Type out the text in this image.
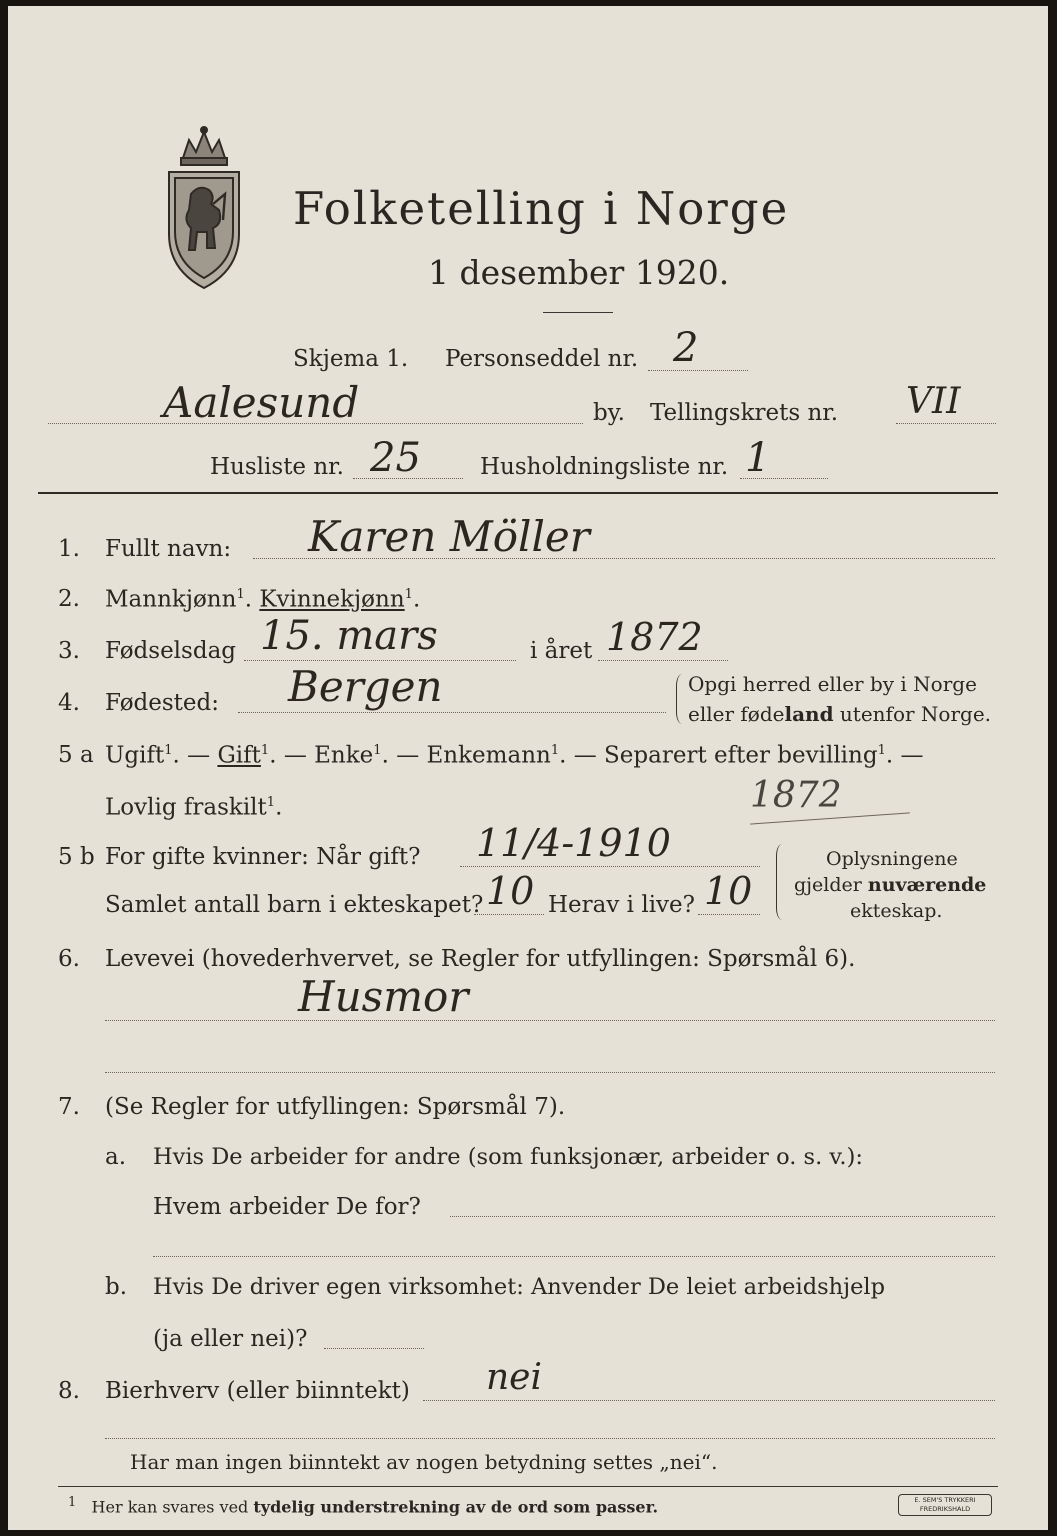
Folketelling i Norge
1 desember 1920.
Skjema 1. Personseddel nr. 2
Aalesund	by. Tellingskrets nr. VII
Husliste nr. 25	Husholdningsliste nr. 1
1. Fullt navn: Karen Möller
2. Mannkjønn$^1$. Kvinnekjønn$^1$.
3. Fødselsdag 15. mars	i året 1872
4. Fødested: Bergen	Opgi herred eller by i Norge
eller fødeland utenfor Norge.
5 a Ugift$^1$. — Gift$^1$. — Enke$^1$. — Enkemann$^1$. — Separert efter bevilling$^1$. —
Lovlig fraskilt$^1$.	1872
5 b For gifte kvinner: Når gift? 11/4-1910
Samlet antall barn i ekteskapet? 10 Herav i live? 10
Oplysningene
gjelder nuværende
ekteskap.
6. Levevei (hovederhvervet, se Regler for utfyllingen: Spørsmål 6).
Husmor
7. (Se Regler for utfyllingen: Spørsmål 7).
a. Hvis De arbeider for andre (som funksjonær, arbeider o. s. v.):
Hvem arbeider De for?
b. Hvis De driver egen virksomhet: Anvender De leiet arbeidshjelp
(ja eller nei)?
8. Bierhverv (eller biinntekt) nei
Har man ingen biinntekt av nogen betydning settes „nei“.
$^1$ Her kan svares ved tydelig understrekning av de ord som passer.	E. SEM'S TRYKKERI FREDRIKSHALD
